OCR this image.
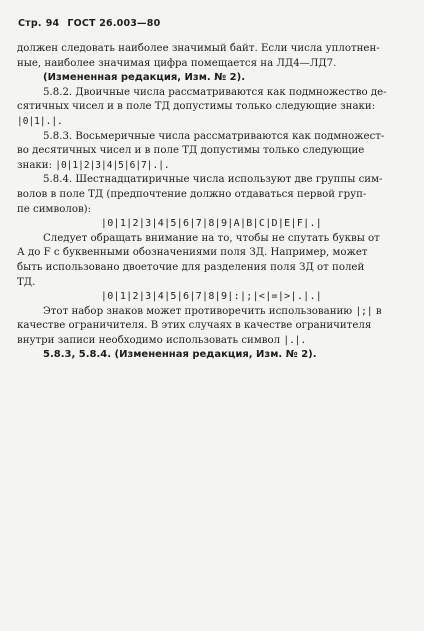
Стр. 94 ГОСТ 26.003—80

должен следовать наиболее значимый байт. Если числа уплотнен-

ные, наиболее значимая цифра помещается на ЛД4—ЛД7.

(Измененная редакция, Изм. № 2).

5.8.2. Двоичные числа рассматриваются как подмножество де-

сятичных чисел и в поле ТД допустимы только следующие знаки:

|0|1|.|.

5.8.3. Восьмеричные числа рассматриваются как подмножест-

во десятичных чисел и в поле ТД допустимы только следующие

знаки: |0|1|2|3|4|5|6|7|.|.

5.8.4. Шестнадцатиричные числа используют две группы сим-

волов в поле ТД (предпочтение должно отдаваться первой груп-

пе символов):

|0|1|2|3|4|5|6|7|8|9|A|B|C|D|E|F|.|

Следует обращать внимание на то, чтобы не спутать буквы от

А до F с буквенными обозначениями поля ЗД. Например, может

быть использовано двоеточие для разделения поля ЗД от полей

ТД.

|0|1|2|3|4|5|6|7|8|9|:|;|<|=|>|.|.|

Этот набор знаков может противоречить использованию |;| в

качестве ограничителя. В этих случаях в качестве ограничителя

внутри записи необходимо использовать символ |.|.

5.8.3, 5.8.4. (Измененная редакция, Изм. № 2).
